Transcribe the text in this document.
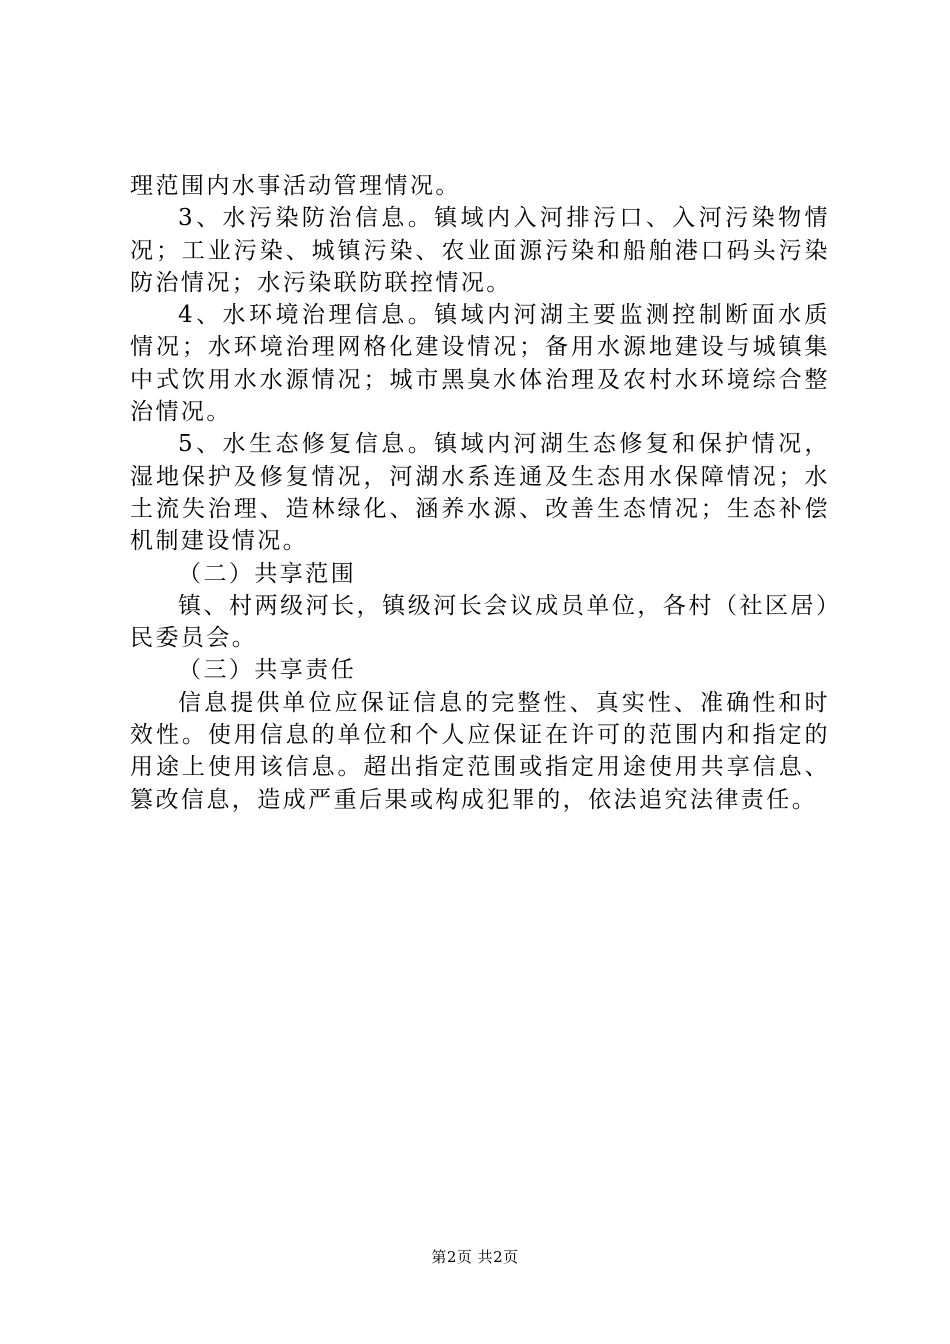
理范围内水事活动管理情况。

3、水污染防治信息。镇域内入河排污口、入河污染物情况；工业污染、城镇污染、农业面源污染和船舶港口码头污染防治情况；水污染联防联控情况。

4、水环境治理信息。镇域内河湖主要监测控制断面水质情况；水环境治理网格化建设情况；备用水源地建设与城镇集中式饮用水水源情况；城市黑臭水体治理及农村水环境综合整治情况。

5、水生态修复信息。镇域内河湖生态修复和保护情况，湿地保护及修复情况，河湖水系连通及生态用水保障情况；水土流失治理、造林绿化、涵养水源、改善生态情况；生态补偿机制建设情况。

（二）共享范围

镇、村两级河长，镇级河长会议成员单位，各村（社区居）民委员会。

（三）共享责任

信息提供单位应保证信息的完整性、真实性、准确性和时效性。使用信息的单位和个人应保证在许可的范围内和指定的用途上使用该信息。超出指定范围或指定用途使用共享信息、篡改信息，造成严重后果或构成犯罪的，依法追究法律责任。

第2页 共2页
